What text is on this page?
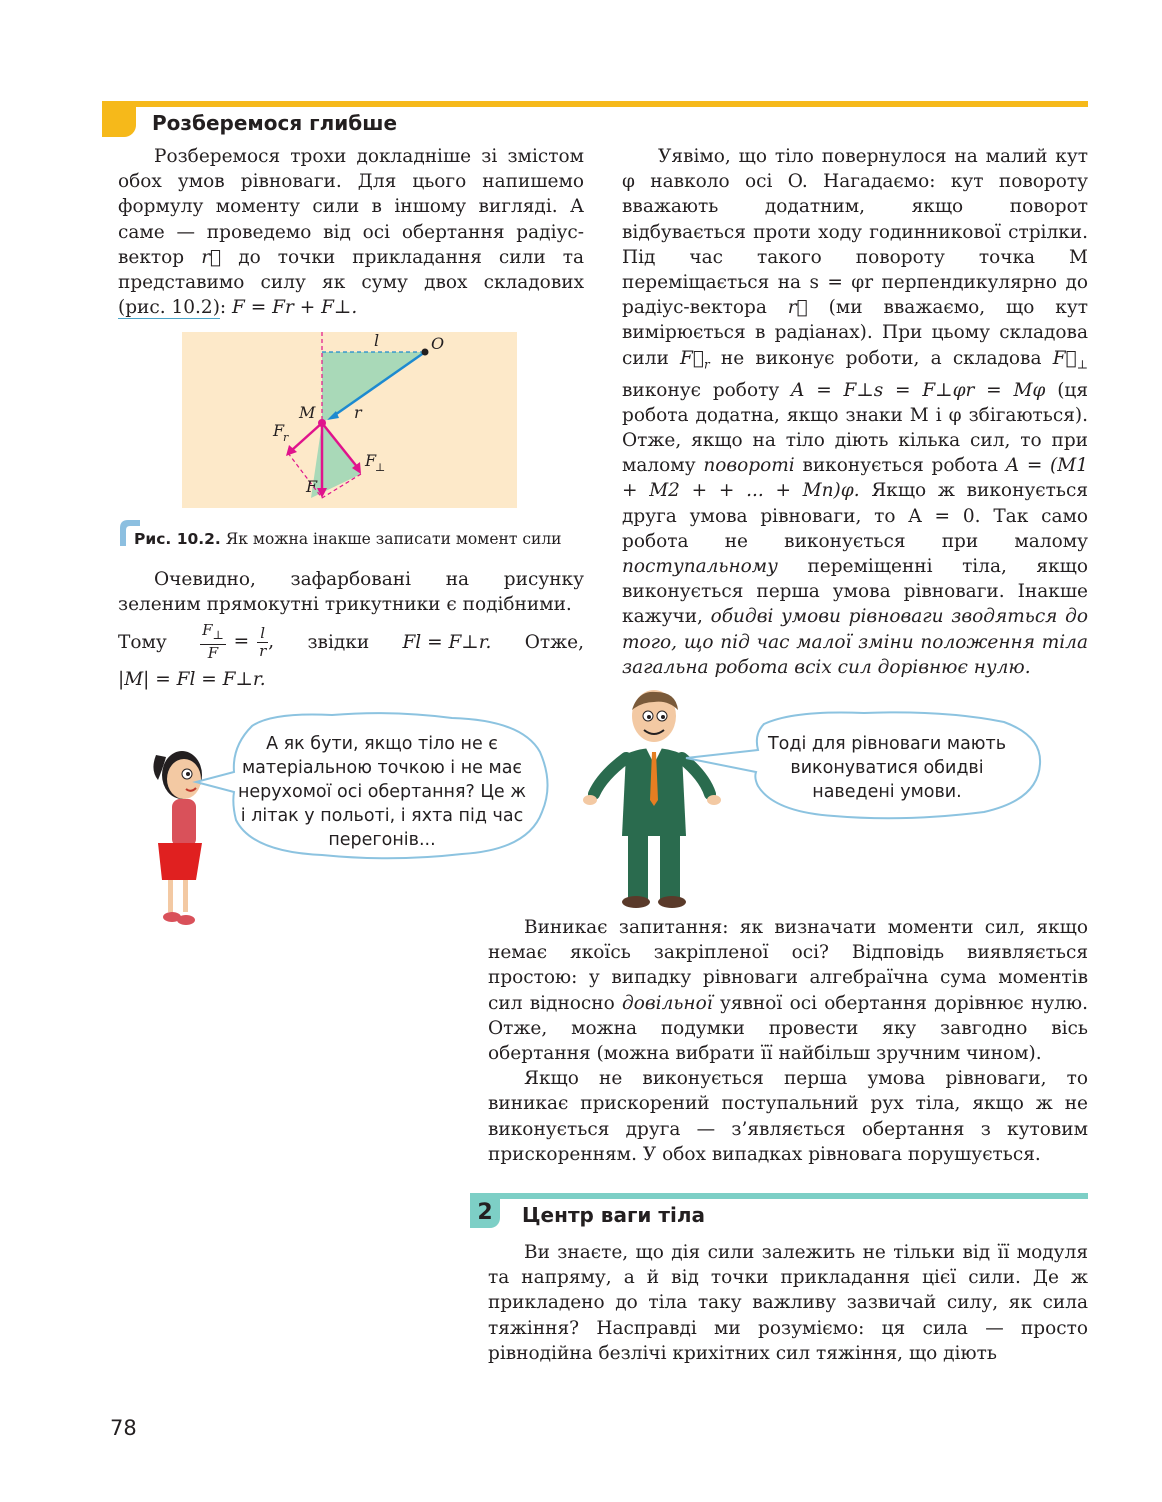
Розберемося глибше

Розберемося трохи докладніше зі змістом обох умов рівноваги. Для цього напишемо формулу моменту сили в іншому вигляді. А саме — проведемо від осі обертання радіус-вектор r⃗ до точки прикладання сили та представимо силу як суму двох складових (рис. 10.2): F = Fr + F⊥.

l	O
M r
F
r
F
⊥
F
Рис. 10.2. Як можна інакше записати момент сили

Очевидно, зафарбовані на рисунку зеленим прямокутні трикутники є подібними.

Тому $\frac{F_\perp}{F} = \frac{l}{r}$ , звідки Fl = F⊥r. Отже,
|M| = Fl = F⊥r.

Уявімо, що тіло повернулося на малий кут φ навколо осі O. Нагадаємо: кут повороту вважають додатним, якщо поворот відбувається проти ходу годинникової стрілки. Під час такого повороту точка M переміщається на s = φr перпендикулярно до радіус-вектора r⃗ (ми вважаємо, що кут вимірюється в радіанах). При цьому складова сили $F⃗_r$ не виконує роботи, а складова $F⃗_\perp$ виконує роботу A = F⊥s = F⊥φr = Mφ (ця робота додатна, якщо знаки M і φ збігаються). Отже, якщо на тіло діють кілька сил, то при малому повороті виконується робота A = (M1 + M2 + + ... + Mn)φ. Якщо ж виконується друга умова рівноваги, то A = 0. Так само робота не виконується при малому поступальному переміщенні тіла, якщо виконується перша умова рівноваги. Інакше кажучи, обидві умови рівноваги зводяться до того, що під час малої зміни положення тіла загальна робота всіх сил дорівнює нулю.

А як бути, якщо тіло не є матеріальною точкою і не має нерухомої осі обертання? Це ж і літак у польоті, і яхта під час перегонів...
Тоді для рівноваги мають виконуватися обидві наведені умови.

Виникає запитання: як визначати моменти сил, якщо немає якоїсь закріпленої осі? Відповідь виявляється простою: у випадку рівноваги алгебраїчна сума моментів сил відносно довільної уявної осі обертання дорівнює нулю. Отже, можна подумки провести яку завгодно вісь обертання (можна вибрати її найбільш зручним чином).

Якщо не виконується перша умова рівноваги, то виникає прискорений поступальний рух тіла, якщо ж не виконується друга — з’являється обертання з кутовим прискоренням. У обох випадках рівновага порушується.

2	Центр ваги тіла

Ви знаєте, що дія сили залежить не тільки від її модуля та напряму, а й від точки прикладання цієї сили. Де ж прикладено до тіла таку важливу зазвичай силу, як сила тяжіння? Насправді ми розуміємо: ця сила — просто рівнодійна безлічі крихітних сил тяжіння, що діють

78
